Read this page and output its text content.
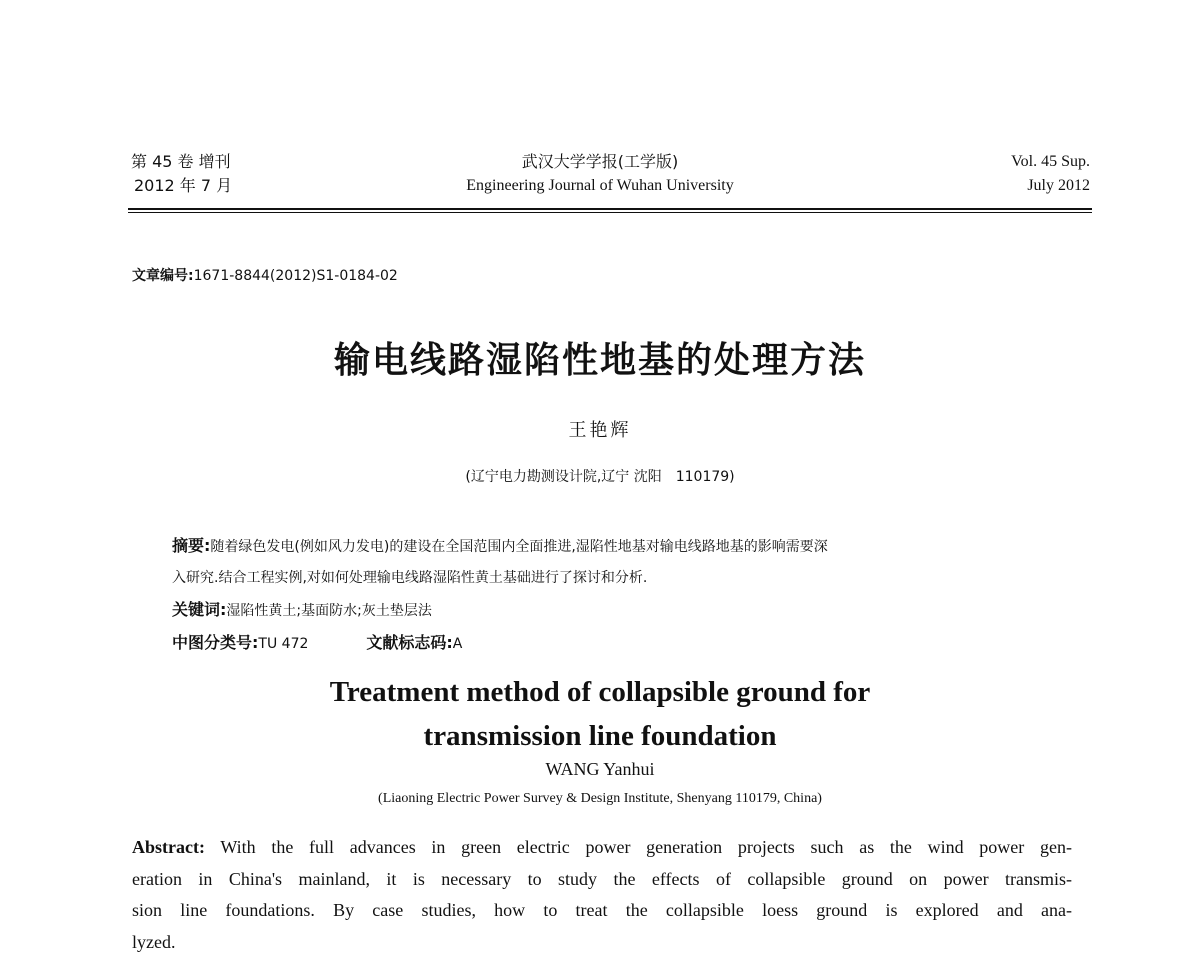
第 45 卷 增刊
2012 年 7 月
武汉大学学报(工学版)
Engineering Journal of Wuhan University
Vol. 45 Sup.
July 2012
文章编号:1671-8844(2012)S1-0184-02
输电线路湿陷性地基的处理方法
王艳辉
(辽宁电力勘测设计院,辽宁 沈阳　110179)
摘要:随着绿色发电(例如风力发电)的建设在全国范围内全面推进,湿陷性地基对输电线路地基的影响需要深
入研究.结合工程实例,对如何处理输电线路湿陷性黄土基础进行了探讨和分析.
关键词:湿陷性黄土;基面防水;灰土垫层法
中图分类号:TU 472	文献标志码:A
Treatment method of collapsible ground for
transmission line foundation
WANG Yanhui
(Liaoning Electric Power Survey & Design Institute, Shenyang 110179, China)
Abstract: With the full advances in green electric power generation projects such as the wind power gen-
eration in China's mainland, it is necessary to study the effects of collapsible ground on power transmis-
sion line foundations. By case studies, how to treat the collapsible loess ground is explored and ana-
lyzed.
